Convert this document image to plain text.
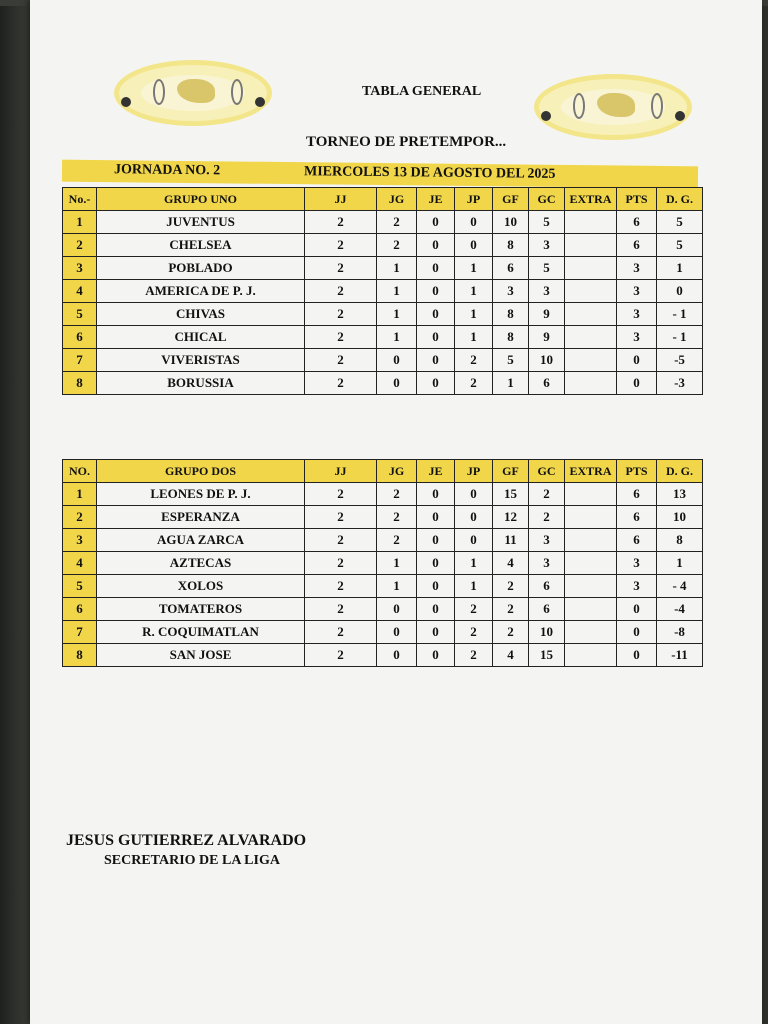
TABLA GENERAL
TORNEO DE PRETEMPOR...
JORNADA NO. 2	MIERCOLES 13 DE AGOSTO DEL 2025
No.-	GRUPO UNO	JJ	JG	JE	JP	GF	GC	EXTRA	PTS	D. G.
1	JUVENTUS	2	2	0	0	10	5		6	5
2	CHELSEA	2	2	0	0	8	3		6	5
3	POBLADO	2	1	0	1	6	5		3	1
4	AMERICA DE P. J.	2	1	0	1	3	3		3	0
5	CHIVAS	2	1	0	1	8	9		3	- 1
6	CHICAL	2	1	0	1	8	9		3	- 1
7	VIVERISTAS	2	0	0	2	5	10		0	-5
8	BORUSSIA	2	0	0	2	1	6		0	-3
NO.	GRUPO DOS	JJ	JG	JE	JP	GF	GC	EXTRA	PTS	D. G.
1	LEONES DE P. J.	2	2	0	0	15	2		6	13
2	ESPERANZA	2	2	0	0	12	2		6	10
3	AGUA ZARCA	2	2	0	0	11	3		6	8
4	AZTECAS	2	1	0	1	4	3		3	1
5	XOLOS	2	1	0	1	2	6		3	- 4
6	TOMATEROS	2	0	0	2	2	6		0	-4
7	R. COQUIMATLAN	2	0	0	2	2	10		0	-8
8	SAN JOSE	2	0	0	2	4	15		0	-11
JESUS GUTIERREZ ALVARADO
SECRETARIO DE LA LIGA
